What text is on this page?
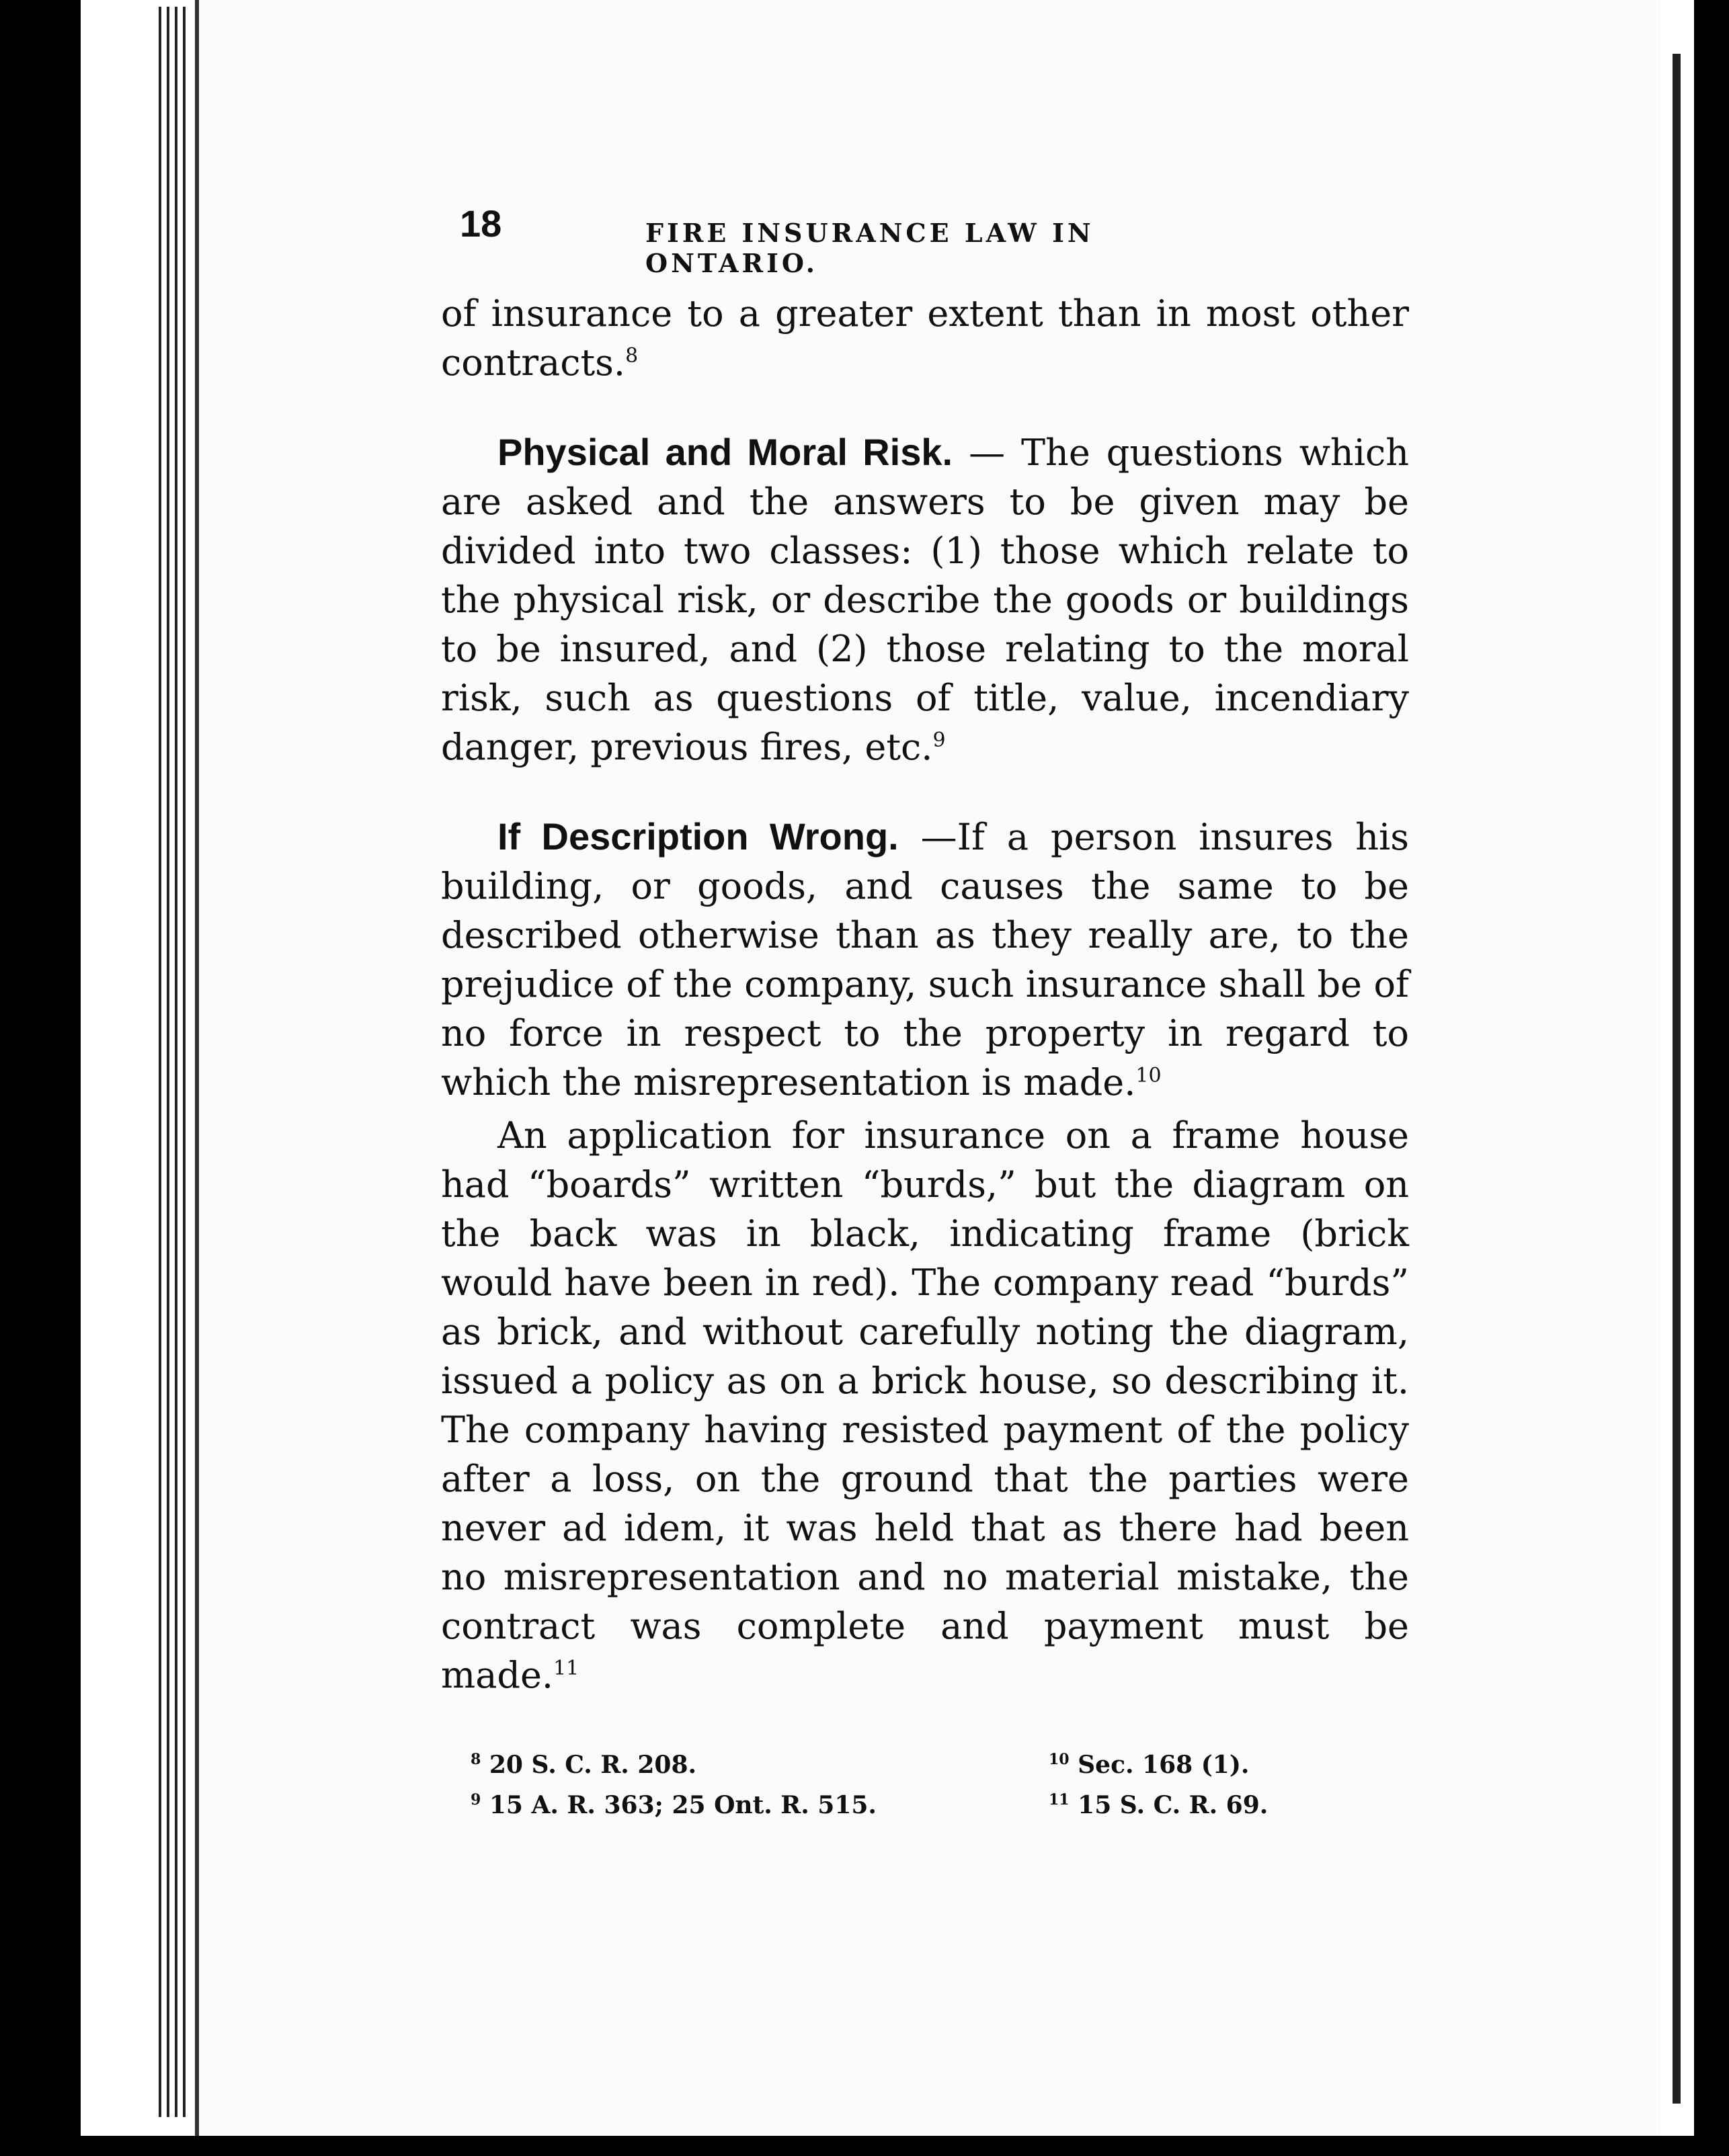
18	FIRE INSURANCE LAW IN ONTARIO.

of insurance to a greater extent than in most other contracts.$^8$

Physical and Moral Risk. — The questions which are asked and the answers to be given may be divided into two classes: (1) those which relate to the physical risk, or describe the goods or buildings to be insured, and (2) those relating to the moral risk, such as questions of title, value, incendiary danger, previous fires, etc.$^9$

If Description Wrong. —If a person insures his building, or goods, and causes the same to be described otherwise than as they really are, to the prejudice of the company, such insurance shall be of no force in respect to the property in regard to which the misrepresentation is made.$^{10}$

An application for insurance on a frame house had “boards” written “burds,” but the diagram on the back was in black, indicating frame (brick would have been in red). The company read “burds” as brick, and without carefully noting the diagram, issued a policy as on a brick house, so describing it. The company having resisted payment of the policy after a loss, on the ground that the parties were never ad idem, it was held that as there had been no misrepresentation and no material mistake, the contract was complete and payment must be made.$^{11}$

$^8$ 20 S. C. R. 208.
$^9$ 15 A. R. 363; 25 Ont. R. 515.
$^{10}$ Sec. 168 (1).
$^{11}$ 15 S. C. R. 69.
